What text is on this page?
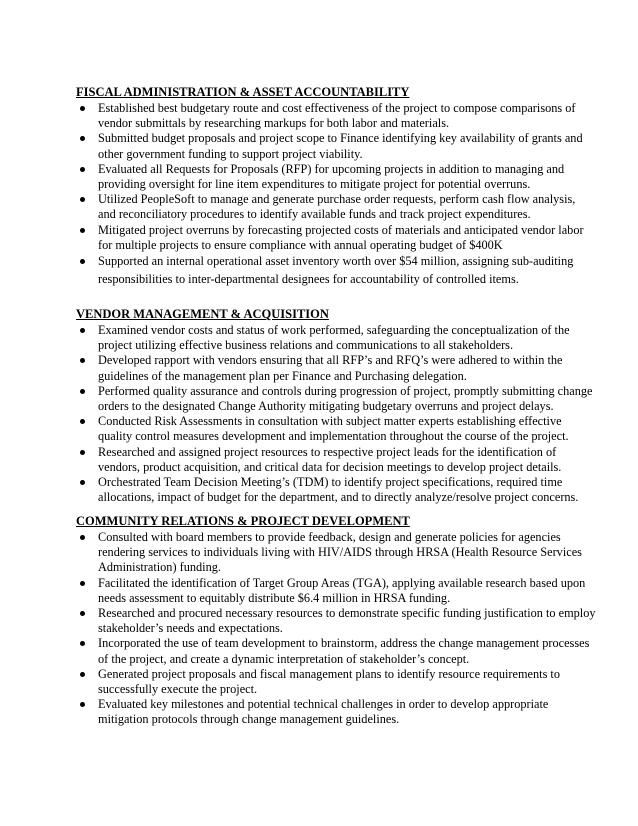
FISCAL ADMINISTRATION & ASSET ACCOUNTABILITY
Established best budgetary route and cost effectiveness of the project to compose comparisons of vendor submittals by researching markups for both labor and materials.
Submitted budget proposals and project scope to Finance identifying key availability of grants and other government funding to support project viability.
Evaluated all Requests for Proposals (RFP) for upcoming projects in addition to managing and providing oversight for line item expenditures to mitigate project for potential overruns.
Utilized PeopleSoft to manage and generate purchase order requests, perform cash flow analysis, and reconciliatory procedures to identify available funds and track project expenditures.
Mitigated project overruns by forecasting projected costs of materials and anticipated vendor labor for multiple projects to ensure compliance with annual operating budget of $400K
Supported an internal operational asset inventory worth over $54 million, assigning sub-auditing responsibilities to inter-departmental designees for accountability of controlled items.
VENDOR MANAGEMENT & ACQUISITION
Examined vendor costs and status of work performed, safeguarding the conceptualization of the project utilizing effective business relations and communications to all stakeholders.
Developed rapport with vendors ensuring that all RFP’s and RFQ’s were adhered to within the guidelines of the management plan per Finance and Purchasing delegation.
Performed quality assurance and controls during progression of project, promptly submitting change orders to the designated Change Authority mitigating budgetary overruns and project delays.
Conducted Risk Assessments in consultation with subject matter experts establishing effective quality control measures development and implementation throughout the course of the project.
Researched and assigned project resources to respective project leads for the identification of vendors, product acquisition, and critical data for decision meetings to develop project details.
Orchestrated Team Decision Meeting’s (TDM) to identify project specifications, required time allocations, impact of budget for the department, and to directly analyze/resolve project concerns.
COMMUNITY RELATIONS & PROJECT DEVELOPMENT
Consulted with board members to provide feedback, design and generate policies for agencies rendering services to individuals living with HIV/AIDS through HRSA (Health Resource Services Administration) funding.
Facilitated the identification of Target Group Areas (TGA), applying available research based upon needs assessment to equitably distribute $6.4 million in HRSA funding.
Researched and procured necessary resources to demonstrate specific funding justification to employ stakeholder’s needs and expectations.
Incorporated the use of team development to brainstorm, address the change management processes of the project, and create a dynamic interpretation of stakeholder’s concept.
Generated project proposals and fiscal management plans to identify resource requirements to successfully execute the project.
Evaluated key milestones and potential technical challenges in order to develop appropriate mitigation protocols through change management guidelines.
